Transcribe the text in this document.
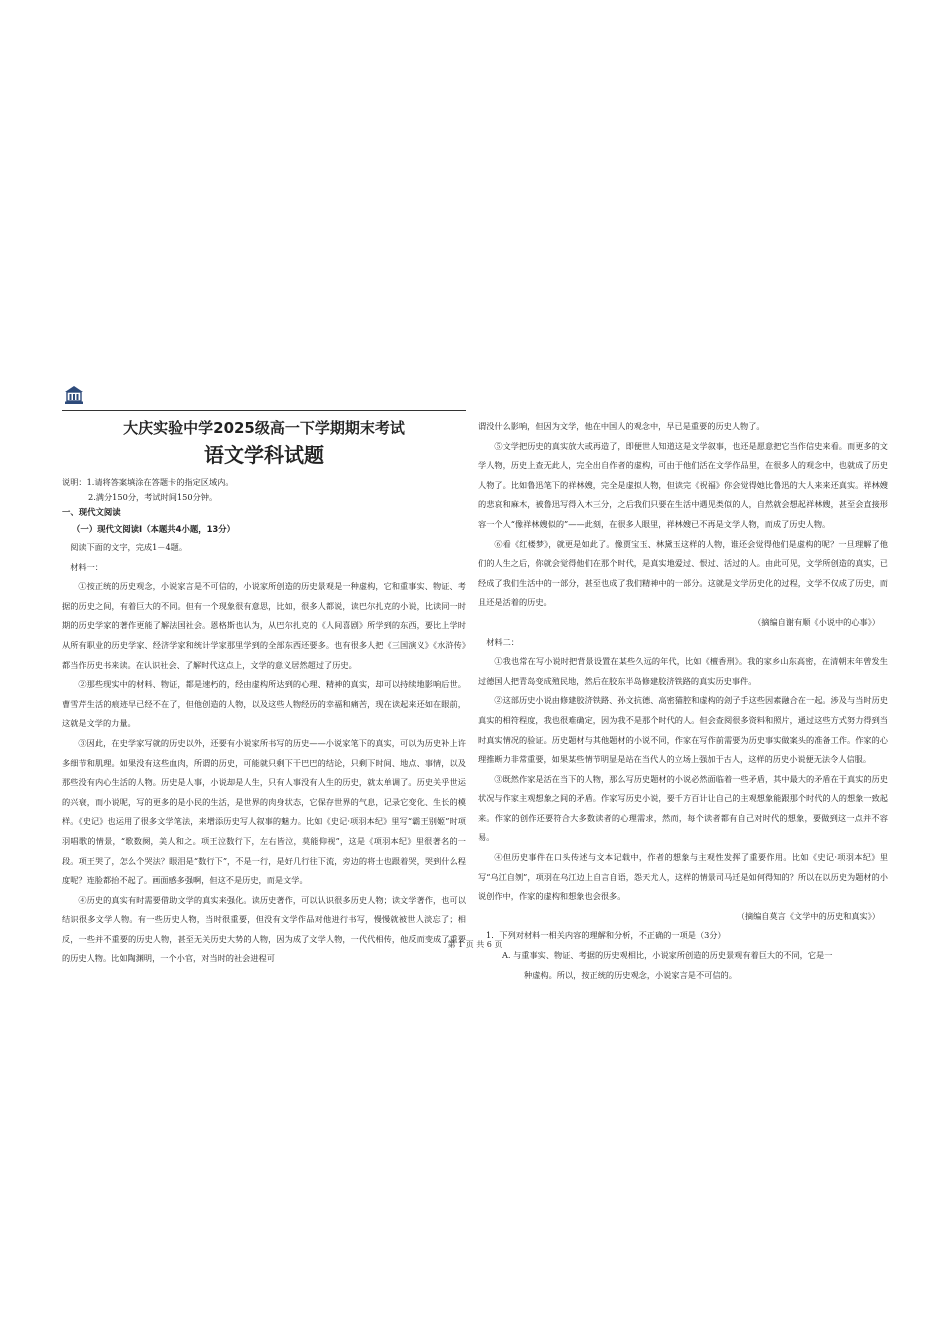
大庆实验中学2025级高一下学期期末考试
语文学科试题
说明：1.请将答案填涂在答题卡的指定区域内。
2.满分150分，考试时间150分钟。
一、现代文阅读
（一）现代文阅读Ⅰ（本题共4小题，13分）

阅读下面的文字，完成1－4题。

材料一：

①按正统的历史观念，小说家言是不可信的，小说家所创造的历史景观是一种虚构，它和重事实、物证、考据的历史之间，有着巨大的不同。但有一个现象很有意思，比如，很多人都说，读巴尔扎克的小说，比读同一时期的历史学家的著作更能了解法国社会。恩格斯也认为，从巴尔扎克的《人间喜剧》所学到的东西，要比上学时从所有职业的历史学家、经济学家和统计学家那里学到的全部东西还要多。也有很多人把《三国演义》《水浒传》都当作历史书来读。在认识社会、了解时代这点上，文学的意义居然超过了历史。

②那些现实中的材料、物证，都是速朽的，经由虚构所达到的心理、精神的真实，却可以持续地影响后世。曹雪芹生活的痕迹早已经不在了，但他创造的人物，以及这些人物经历的幸福和痛苦，现在读起来还如在眼前，这就是文学的力量。

③因此，在史学家写就的历史以外，还要有小说家所书写的历史——小说家笔下的真实，可以为历史补上许多细节和肌理。如果没有这些血肉，所谓的历史，可能就只剩下干巴巴的结论，只剩下时间、地点、事情，以及那些没有内心生活的人物。历史是人事，小说却是人生，只有人事没有人生的历史，就太单调了。历史关乎世运的兴衰，而小说呢，写的更多的是小民的生活，是世界的肉身状态，它保存世界的气息，记录它变化、生长的模样。《史记》也运用了很多文学笔法，来增添历史写人叙事的魅力。比如《史记·项羽本纪》里写“霸王别姬”时项羽唱歌的情景，“歌数阕，美人和之。项王泣数行下，左右皆泣，莫能仰视”，这是《项羽本纪》里很著名的一段。项王哭了，怎么个哭法？眼泪是“数行下”，不是一行，是好几行往下流，旁边的将士也跟着哭，哭到什么程度呢？连脸都抬不起了。画面感多强啊，但这不是历史，而是文学。

④历史的真实有时需要借助文学的真实来强化。读历史著作，可以认识很多历史人物；读文学著作，也可以结识很多文学人物。有一些历史人物，当时很重要，但没有文学作品对他进行书写，慢慢就被世人淡忘了；相反，一些并不重要的历史人物，甚至无关历史大势的人物，因为成了文学人物，一代代相传，他反而变成了重要的历史人物。比如陶渊明，一个小官，对当时的社会进程可

谓没什么影响，但因为文学，他在中国人的观念中，早已是重要的历史人物了。

⑤文学把历史的真实放大或再造了，即便世人知道这是文学叙事，也还是愿意把它当作信史来看。而更多的文学人物，历史上查无此人，完全出自作者的虚构，可由于他们活在文学作品里，在很多人的观念中，也就成了历史人物了。比如鲁迅笔下的祥林嫂，完全是虚拟人物，但读完《祝福》你会觉得她比鲁迅的大人来来还真实。祥林嫂的悲哀和麻木，被鲁迅写得入木三分，之后我们只要在生活中遇见类似的人，自然就会想起祥林嫂，甚至会直接形容一个人“像祥林嫂似的”——此刻，在很多人眼里，祥林嫂已不再是文学人物，而成了历史人物。

⑥看《红楼梦》，就更是如此了。像贾宝玉、林黛玉这样的人物，谁还会觉得他们是虚构的呢？一旦理解了他们的人生之后，你就会觉得他们在那个时代，是真实地爱过、恨过、活过的人。由此可见，文学所创造的真实，已经成了我们生活中的一部分，甚至也成了我们精神中的一部分。这就是文学历史化的过程，文学不仅成了历史，而且还是活着的历史。

（摘编自谢有顺《小说中的心事》）

材料二：

①我也常在写小说时把背景设置在某些久远的年代，比如《檀香刑》。我的家乡山东高密，在清朝末年曾发生过德国人把青岛变成殖民地，然后在胶东半岛修建胶济铁路的真实历史事件。

②这部历史小说由修建胶济铁路、孙文抗德、高密猫腔和虚构的刽子手这些因素融合在一起。涉及与当时历史真实的相符程度，我也很难确定，因为我不是那个时代的人。但会查阅很多资料和照片，通过这些方式努力得到当时真实情况的验证。历史题材与其他题材的小说不同，作家在写作前需要为历史事实做案头的准备工作。作家的心理推断力非常重要，如果某些情节明显是站在当代人的立场上强加于古人，这样的历史小说便无法令人信服。

③既然作家是活在当下的人物，那么写历史题材的小说必然面临着一些矛盾，其中最大的矛盾在于真实的历史状况与作家主观想象之间的矛盾。作家写历史小说，要千方百计让自己的主观想象能跟那个时代的人的想象一致起来。作家的创作还要符合大多数读者的心理需求，然而，每个读者都有自己对时代的想象，要做到这一点并不容易。

④但历史事件在口头传述与文本记载中，作者的想象与主观性发挥了重要作用。比如《史记·项羽本纪》里写“乌江自刎”，项羽在乌江边上自言自语，怨天尤人，这样的情景司马迁是如何得知的？所以在以历史为题材的小说创作中，作家的虚构和想象也会很多。

（摘编自莫言《文学中的历史和真实》）

1．下列对材料一相关内容的理解和分析，不正确的一项是（3分）

A. 与重事实、物证、考据的历史观相比，小说家所创造的历史景观有着巨大的不同，它是一

种虚构。所以，按正统的历史观念，小说家言是不可信的。

第 1 页 共 6 页
